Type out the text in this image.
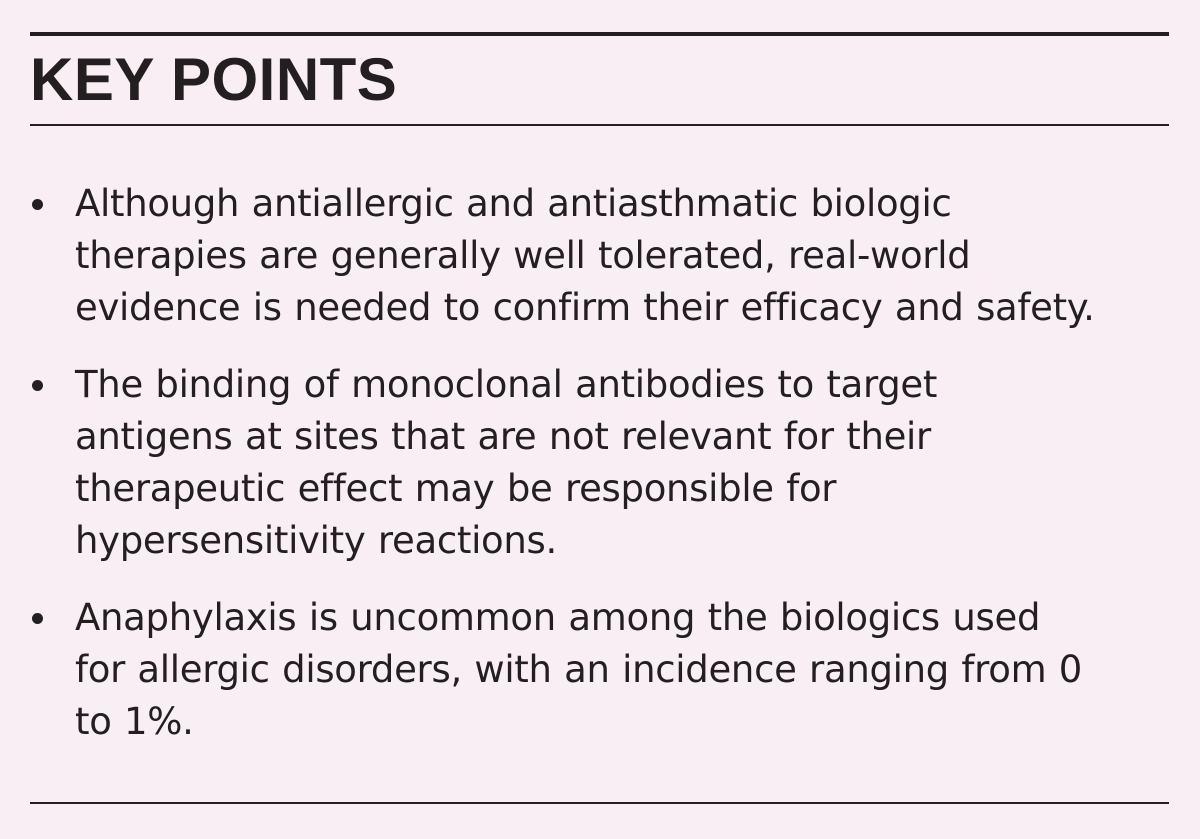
KEY POINTS
Although antiallergic and antiasthmatic biologic
therapies are generally well tolerated, real-world
evidence is needed to confirm their efficacy and safety.
The binding of monoclonal antibodies to target
antigens at sites that are not relevant for their
therapeutic effect may be responsible for
hypersensitivity reactions.
Anaphylaxis is uncommon among the biologics used
for allergic disorders, with an incidence ranging from 0
to 1%.
